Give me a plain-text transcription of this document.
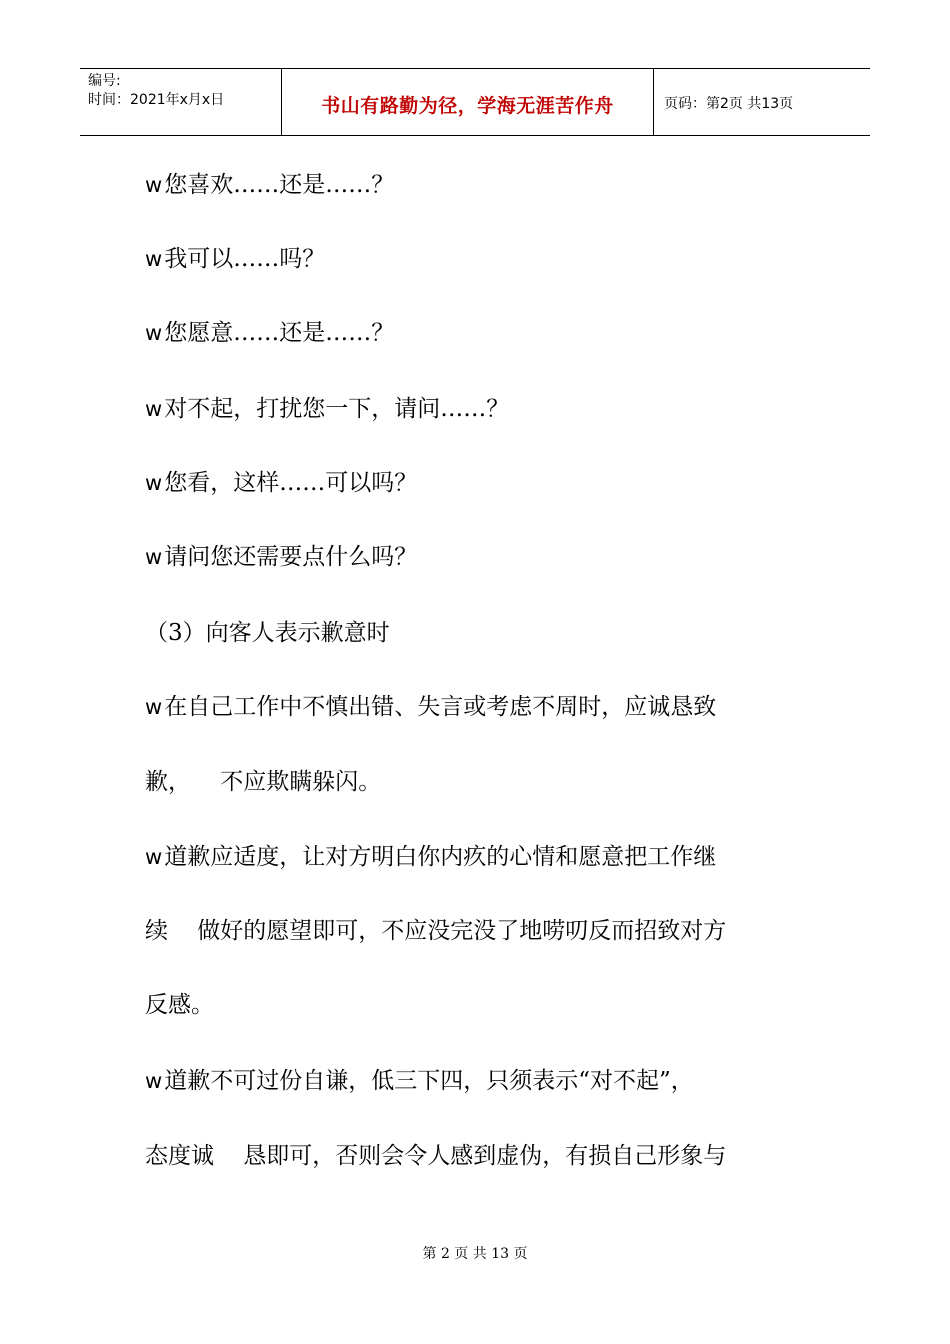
编号:
时间：2021年x月x日	书山有路勤为径，学海无涯苦作舟	页码：第2页 共13页
w您喜欢……还是……？
w我可以……吗？
w您愿意……还是……？
w对不起，打扰您一下，请问……？
w您看，这样……可以吗？
w请问您还需要点什么吗？
（3）向客人表示歉意时
w在自己工作中不慎出错、失言或考虑不周时，应诚恳致
歉，    不应欺瞒躲闪。
w道歉应适度，让对方明白你内疚的心情和愿意把工作继
续    做好的愿望即可，不应没完没了地唠叨反而招致对方
反感。
w道歉不可过份自谦，低三下四，只须表示“对不起”，
态度诚    恳即可，否则会令人感到虚伪，有损自己形象与
第 2 页 共 13 页
